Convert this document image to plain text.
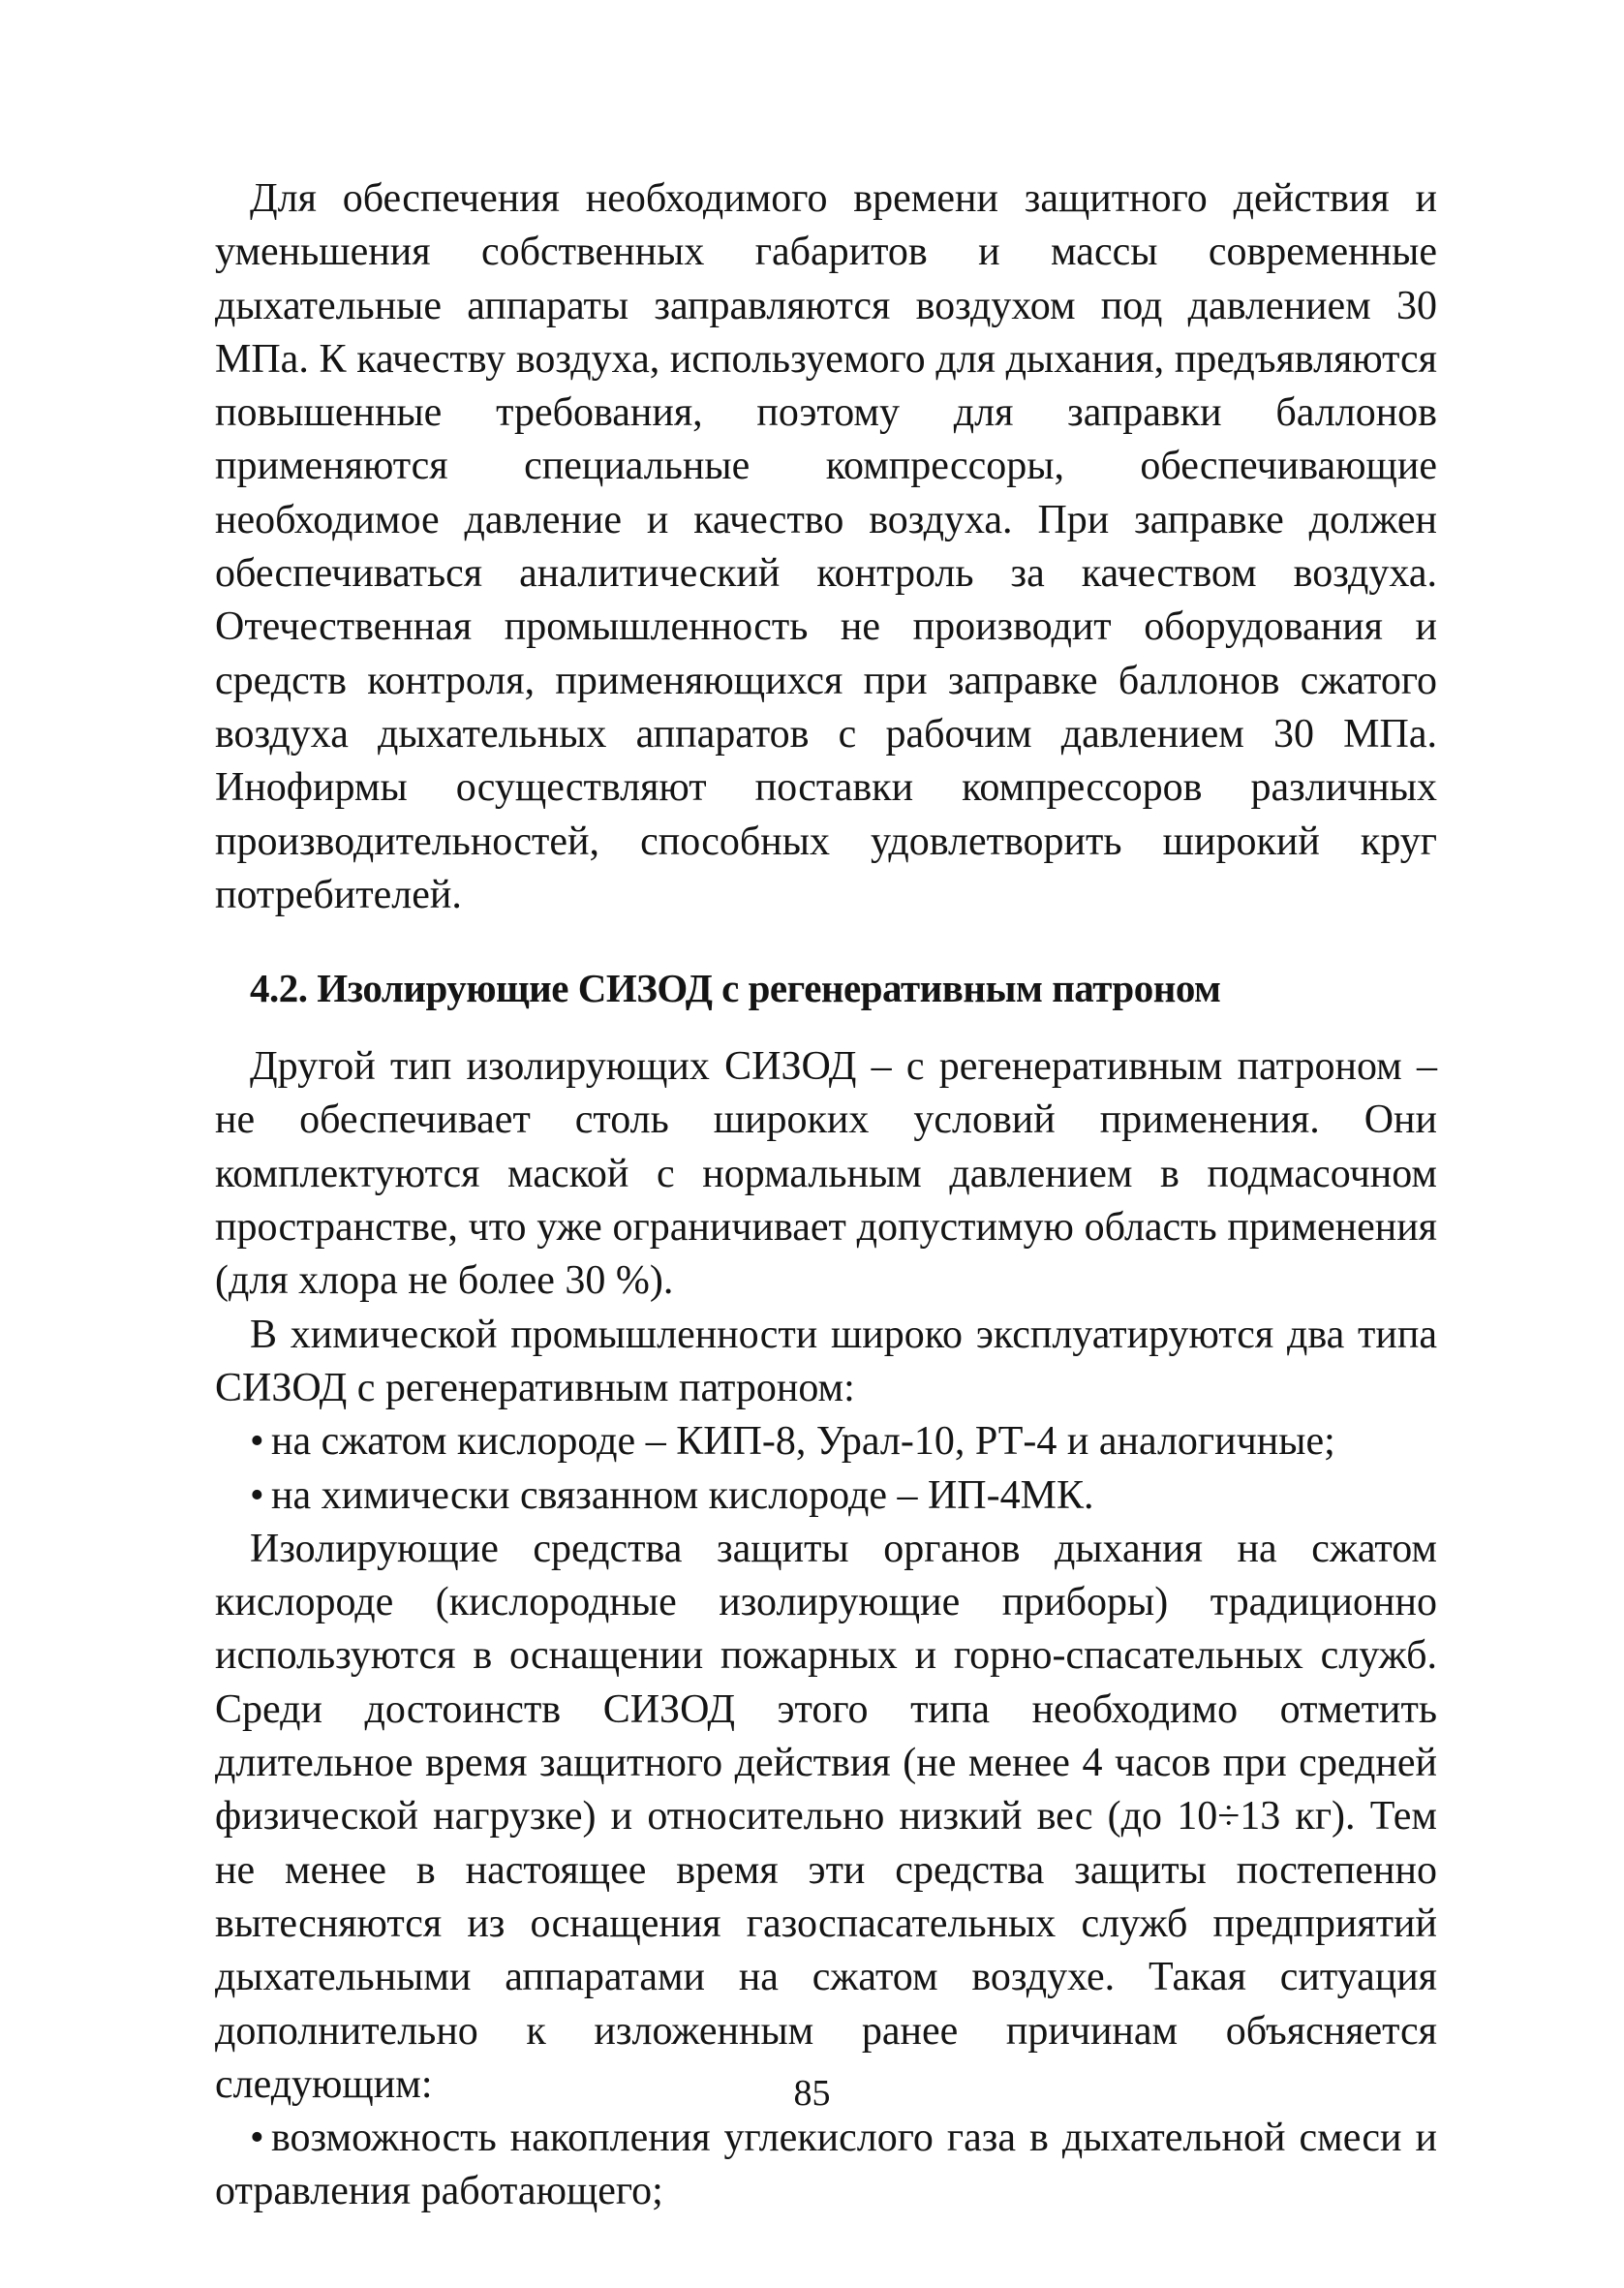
Для обеспечения необходимого времени защитного действия и уменьшения собственных габаритов и массы современные дыхательные аппараты заправляются воздухом под давлением 30 МПа. К качеству воздуха, используемого для дыхания, предъявляются повышенные требования, поэтому для заправки баллонов применяются специальные компрессоры, обеспечивающие необходимое давление и качество воздуха. При заправке должен обеспечиваться аналитический контроль за качеством воздуха. Отечественная промышленность не производит оборудования и средств контроля, применяющихся при заправке баллонов сжатого воздуха дыхательных аппаратов с рабочим давлением 30 МПа. Инофирмы осуществляют поставки компрессоров различных производительностей, способных удовлетворить широкий круг потребителей.

4.2. Изолирующие СИЗОД с регенеративным патроном

Другой тип изолирующих СИЗОД – с регенеративным патроном – не обеспечивает столь широких условий применения. Они комплектуются маской с нормальным давлением в подмасочном пространстве, что уже ограничивает допустимую область применения (для хлора не более 30 %).

В химической промышленности широко эксплуатируются два типа СИЗОД с регенеративным патроном:

• на сжатом кислороде – КИП-8, Урал-10, РТ-4 и аналогичные;

• на химически связанном кислороде – ИП-4МК.

Изолирующие средства защиты органов дыхания на сжатом кислороде (кислородные изолирующие приборы) традиционно используются в оснащении пожарных и горно-спасательных служб. Среди достоинств СИЗОД этого типа необходимо отметить длительное время защитного действия (не менее 4 часов при средней физической нагрузке) и относительно низкий вес (до 10÷13 кг). Тем не менее в настоящее время эти средства защиты постепенно вытесняются из оснащения газоспасательных служб предприятий дыхательными аппаратами на сжатом воздухе. Такая ситуация дополнительно к изложенным ранее причинам объясняется следующим:

• возможность накопления углекислого газа в дыхательной смеси и отравления работающего;

85
